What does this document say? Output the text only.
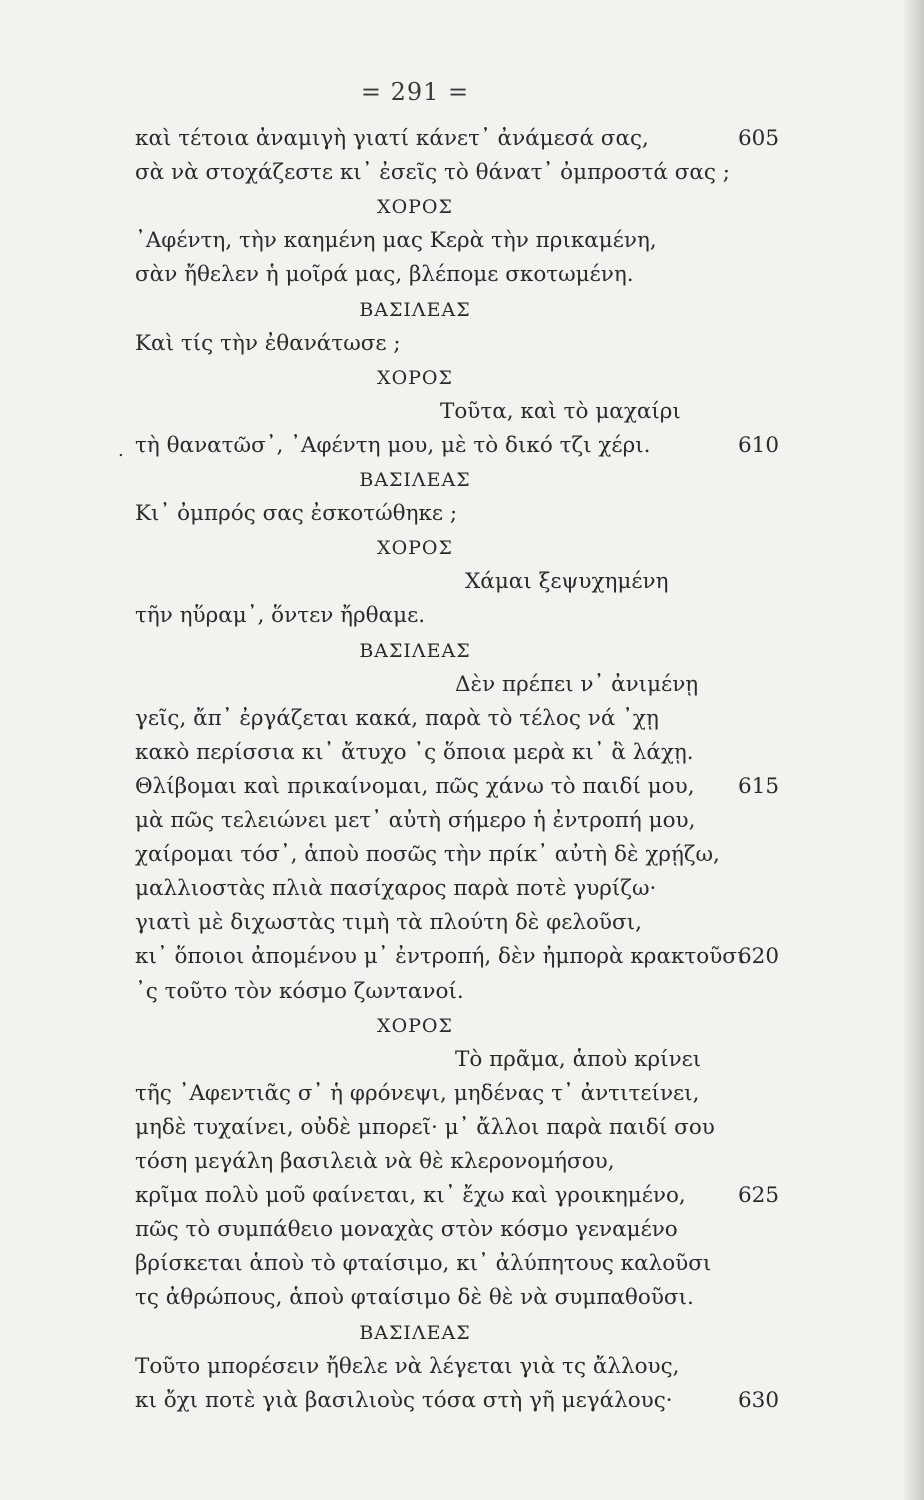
= 291 =
καὶ τέτοια ἀναμιγὴ γιατί κάνετ᾽ ἀνάμεσά σας,	605
σὰ νὰ στοχάζεστε κι᾽ ἐσεῖς τὸ θάνατ᾽ ὀμπροστά σας ;
ΧΟΡΟΣ
᾽Αφέντη, τὴν καημένη μας Κερὰ τὴν πρικαμένη,
σὰν ἤθελεν ἡ μοῖρά μας, βλέπομε σκοτωμένη.
ΒΑΣΙΛΕΑΣ
Καὶ τίς τὴν ἐθανάτωσε ;
ΧΟΡΟΣ
Τοῦτα, καὶ τὸ μαχαίρι
τὴ θανατῶσ᾽, ᾽Αφέντη μου, μὲ τὸ δικό τζι χέρι.	610
ΒΑΣΙΛΕΑΣ
Κι᾽ ὀμπρός σας ἐσκοτώθηκε ;
ΧΟΡΟΣ
Χάμαι ξεψυχημένη
τῆν ηὕραμ᾽, ὅντεν ἤρθαμε.
ΒΑΣΙΛΕΑΣ
Δὲν πρέπει ν᾽ ἀνιμένῃ
γεῖς, ἄπ᾽ ἐργάζεται κακά, παρὰ τὸ τέλος νά ᾽χῃ
κακὸ περίσσια κι᾽ ἄτυχο ᾽ς ὅποια μερὰ κι᾽ ἃ λάχῃ.
Θλίβομαι καὶ πρικαίνομαι, πῶς χάνω τὸ παιδί μου, 615
μὰ πῶς τελειώνει μετ᾽ αὐτὴ σήμερο ἡ ἐντροπή μου,
χαίρομαι τόσ᾽, ἁποὺ ποσῶς τὴν πρίκ᾽ αὐτὴ δὲ χρῄζω,
μαλλιοστὰς πλιὰ πασίχαρος παρὰ ποτὲ γυρίζω·
γιατὶ μὲ διχωστὰς τιμὴ τὰ πλούτη δὲ φελοῦσι,
κι᾽ ὅποιοι ἀπομένου μ᾽ ἐντροπή, δὲν ἠμπορὰ κρακτοῦσι
620
᾽ς τοῦτο τὸν κόσμο ζωντανοί.
ΧΟΡΟΣ
Τὸ πρᾶμα, ἁποὺ κρίνει
τῆς ᾽Αφεντιᾶς σ᾽ ἡ φρόνεψι, μηδένας τ᾽ ἀντιτείνει,
μηδὲ τυχαίνει, οὐδὲ μπορεῖ· μ᾽ ἄλλοι παρὰ παιδί σου
τόση μεγάλη βασιλειὰ νὰ θὲ κλερονομήσου,
κρῖμα πολὺ μοῦ φαίνεται, κι᾽ ἔχω καὶ γροικημένο, 625
πῶς τὸ συμπάθειο μοναχὰς στὸν κόσμο γεναμένο
βρίσκεται ἁποὺ τὸ φταίσιμο, κι᾽ ἀλύπητους καλοῦσι
τς ἀθρώπους, ἁποὺ φταίσιμο δὲ θὲ νὰ συμπαθοῦσι.
ΒΑΣΙΛΕΑΣ
Τοῦτο μπορέσειν ἤθελε νὰ λέγεται γιὰ τς ἄλλους,
κι ὄχι ποτὲ γιὰ βασιλιοὺς τόσα στὴ γῆ μεγάλους·	630
.
